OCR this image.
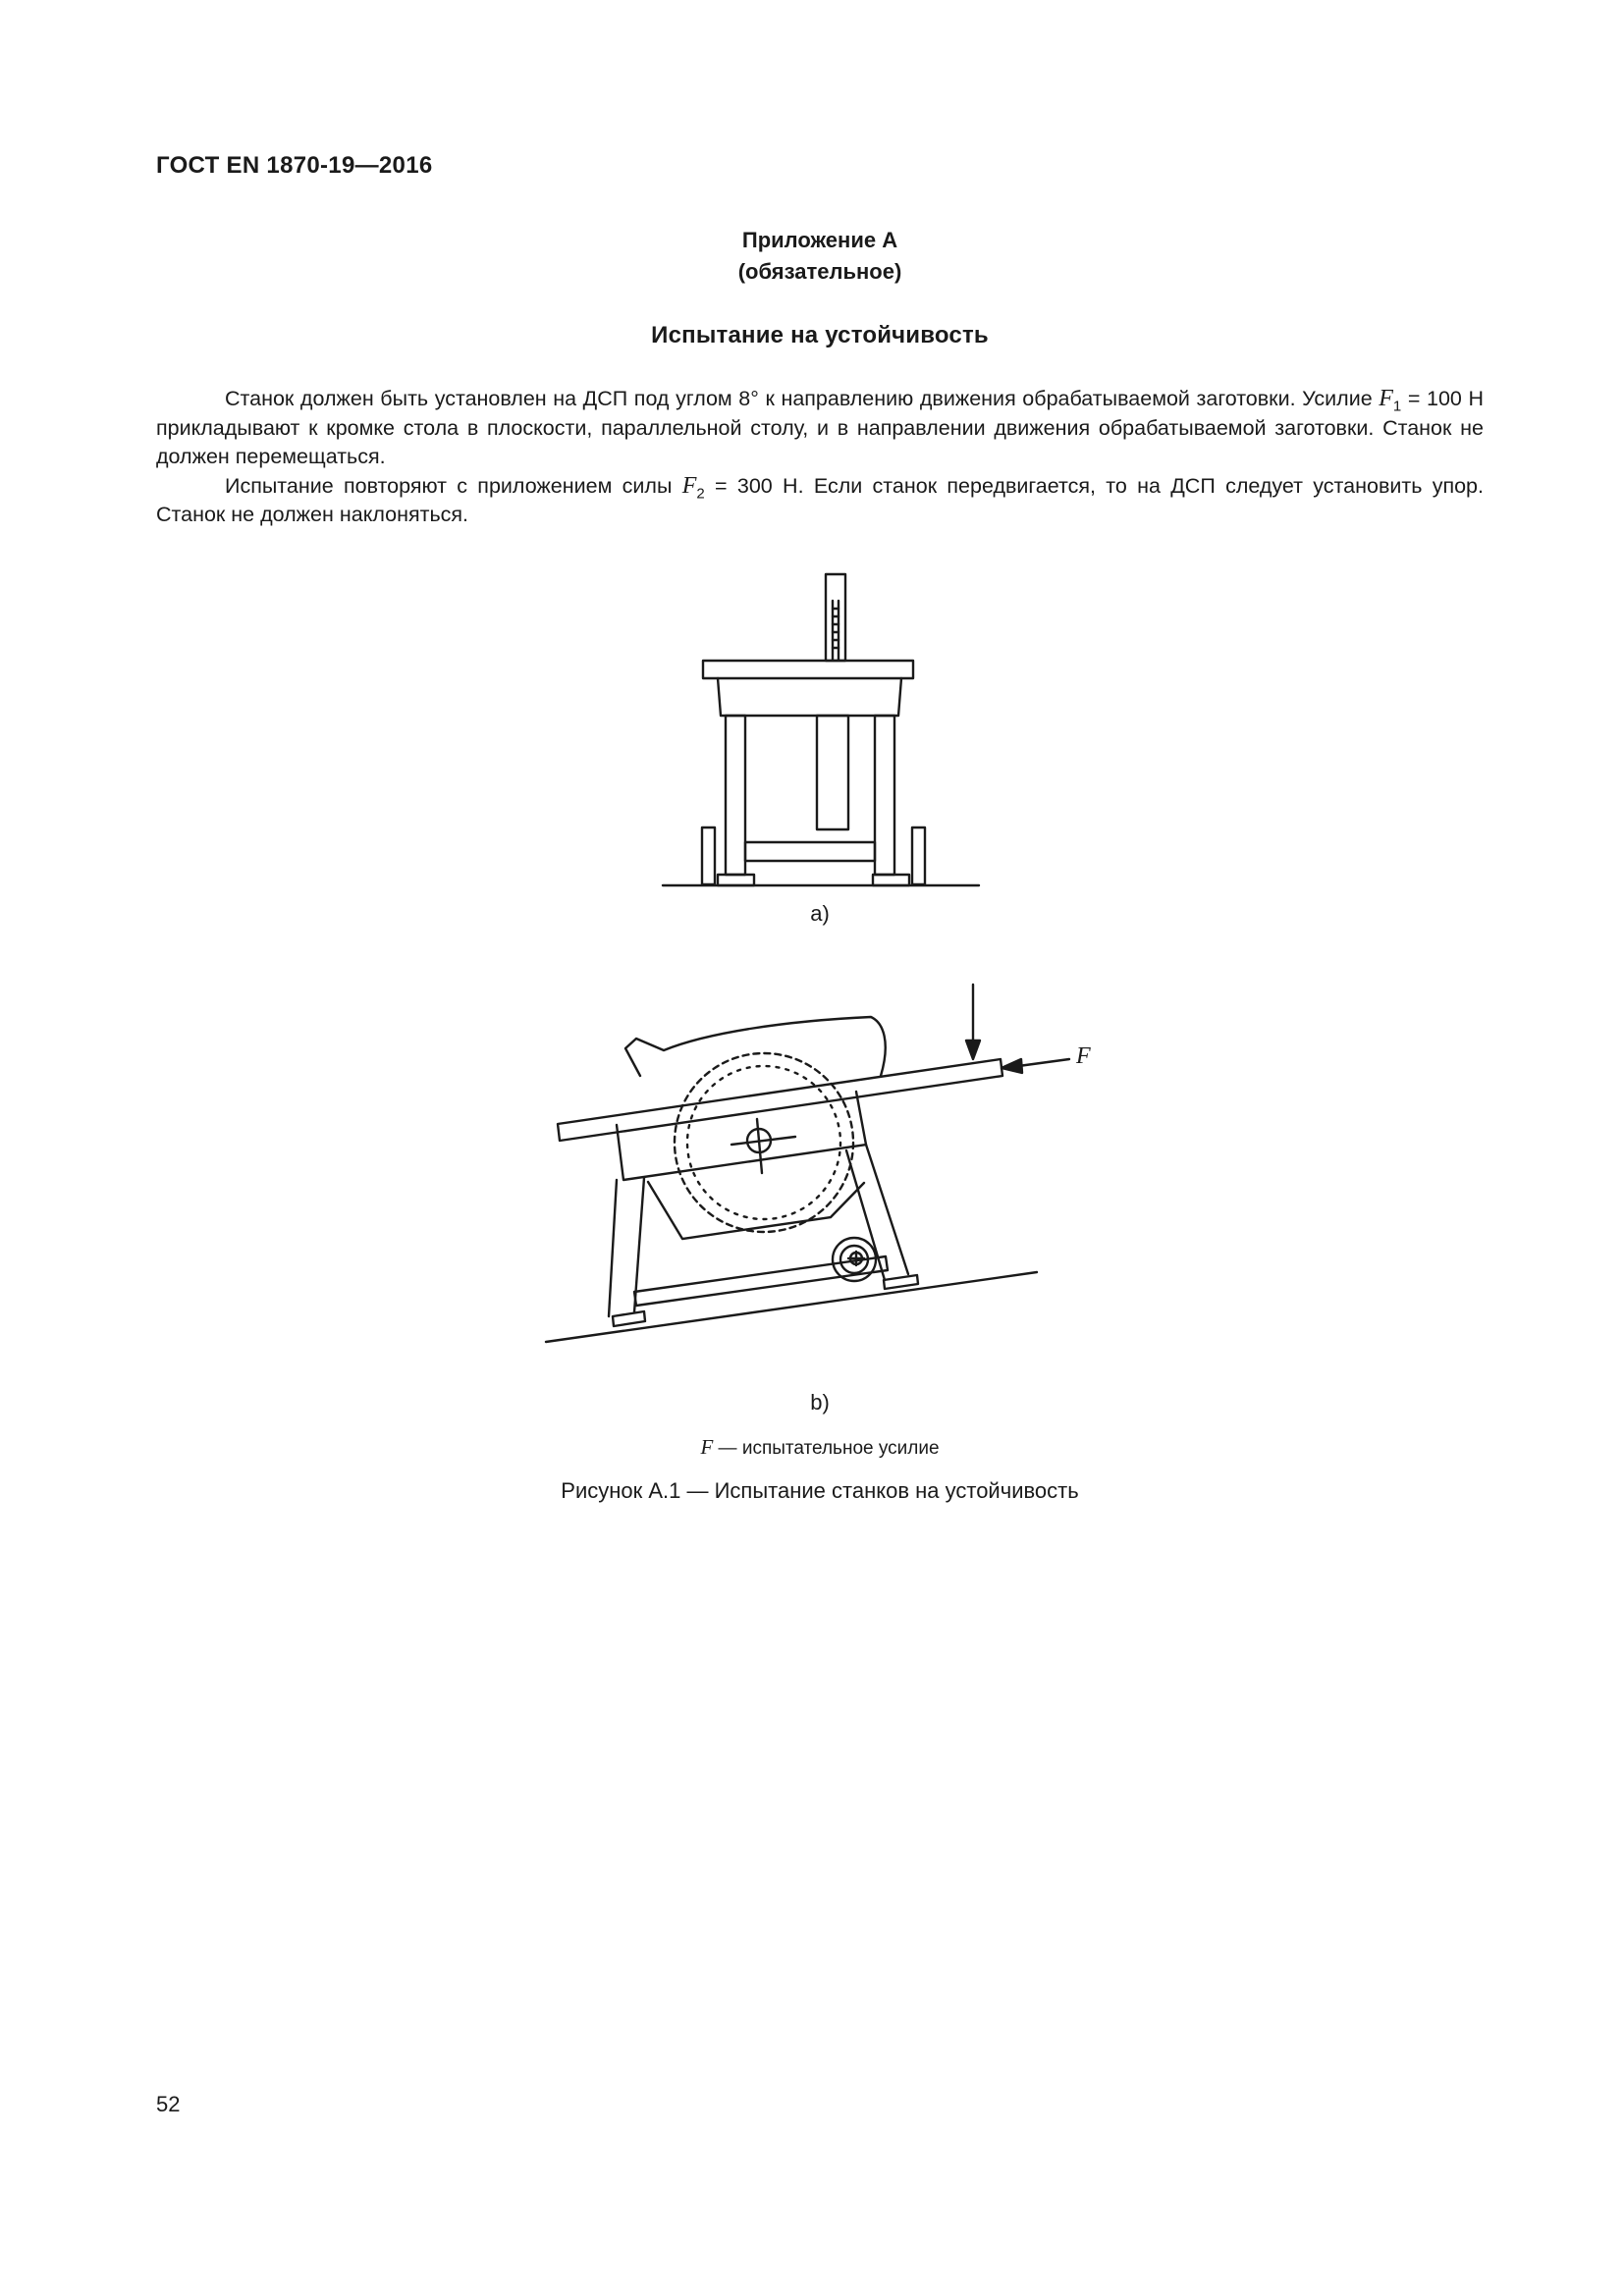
ГОСТ EN 1870-19—2016
Приложение А
(обязательное)
Испытание на устойчивость

Станок должен быть установлен на ДСП под углом 8° к направлению движения обрабатываемой заготовки. Усилие $F_1 = 100$ Н прикладывают к кромке стола в плоскости, параллельной столу, и в направлении движения обрабатываемой заготовки. Станок не должен перемещаться.

Испытание повторяют с приложением силы $F_2 = 300$ Н. Если станок передвигается, то на ДСП следует установить упор. Станок не должен наклоняться.

a)
F
b)
F — испытательное усилие
Рисунок А.1 — Испытание станков на устойчивость
52
